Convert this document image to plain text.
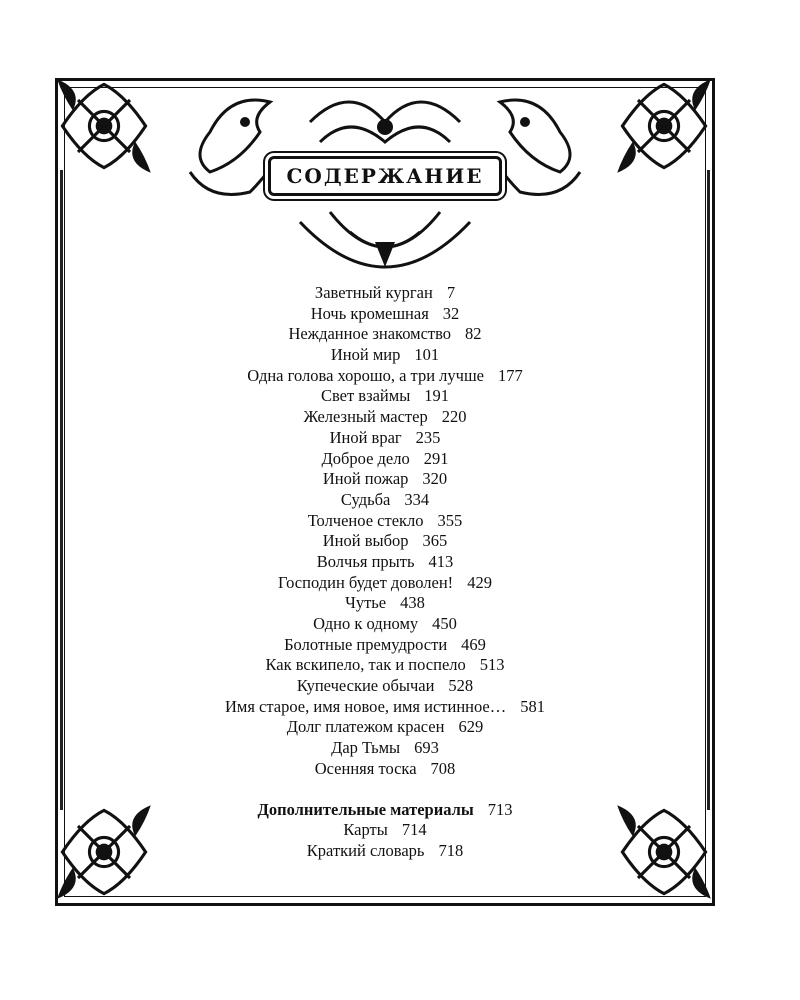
СОДЕРЖАНИЕ
Заветный курган 7
Ночь кромешная 32
Нежданное знакомство 82
Иной мир 101
Одна голова хорошо, а три лучше 177
Свет взаймы 191
Железный мастер 220
Иной враг 235
Доброе дело 291
Иной пожар 320
Судьба 334
Толченое стекло 355
Иной выбор 365
Волчья прыть 413
Господин будет доволен! 429
Чутье 438
Одно к одному 450
Болотные премудрости 469
Как вскипело, так и поспело 513
Купеческие обычаи 528
Имя старое, имя новое, имя истинное… 581
Долг платежом красен 629
Дар Тьмы 693
Осенняя тоска 708
Дополнительные материалы 713
Карты 714
Краткий словарь 718
